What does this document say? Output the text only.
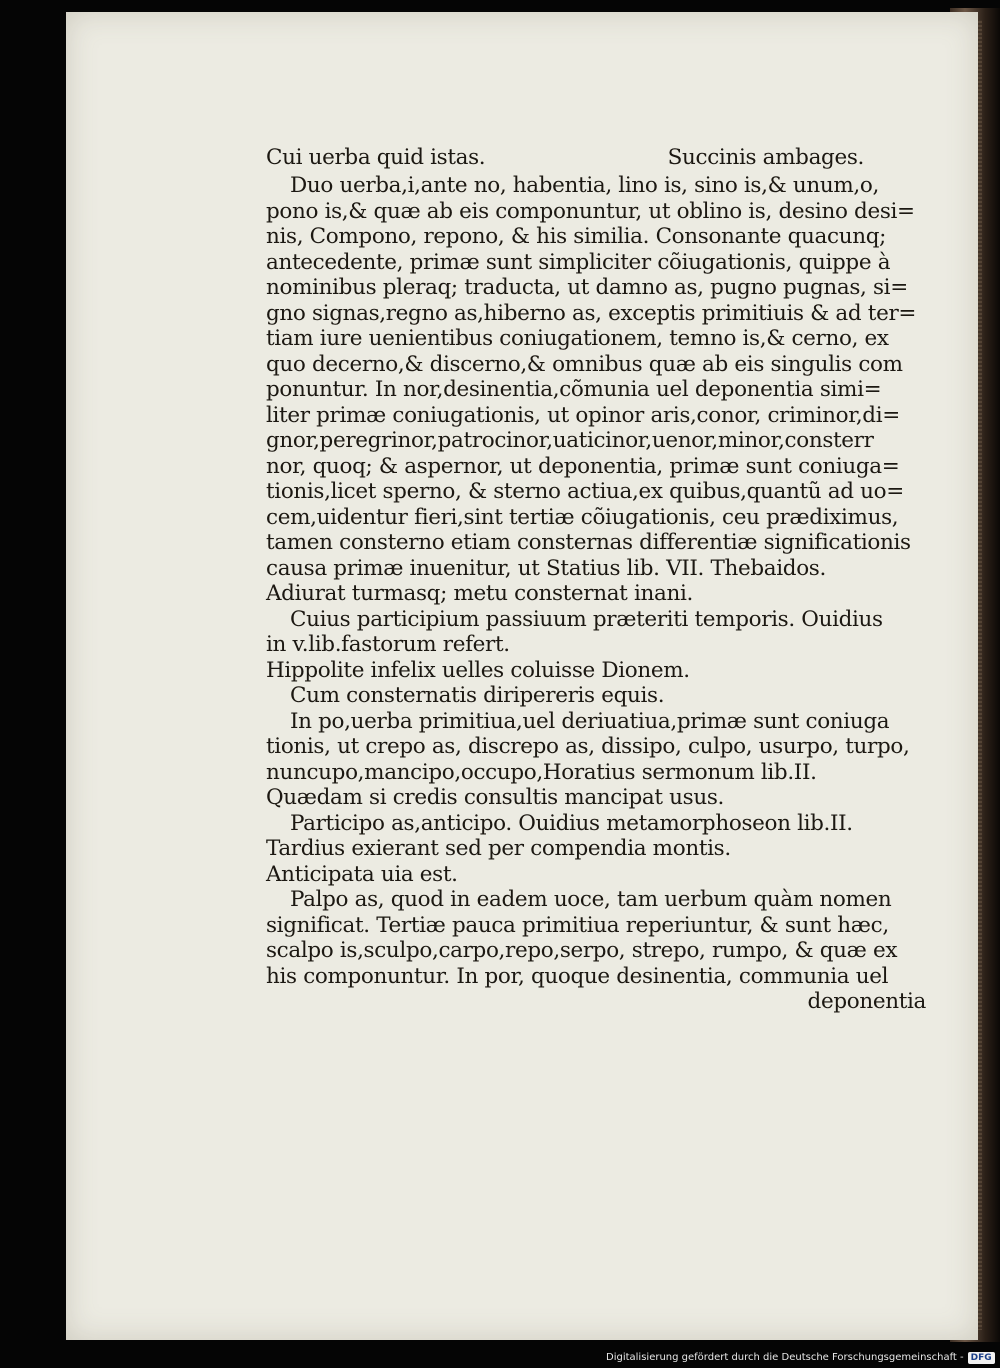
Cui uerba quid istas.	Succinis ambages.
Duo uerba,i,ante no, habentia, lino is, sino is,& unum,o,
pono is,& quæ ab eis componuntur, ut oblino is, desino desi=
nis, Compono, repono, & his similia. Consonante quacunq;
antecedente, primæ sunt simpliciter cõiugationis, quippe à
nominibus pleraq; traducta, ut damno as, pugno pugnas, si=
gno signas,regno as,hiberno as, exceptis primitiuis & ad ter=
tiam iure uenientibus coniugationem, temno is,& cerno, ex
quo decerno,& discerno,& omnibus quæ ab eis singulis com
ponuntur. In nor,desinentia,cõmunia uel deponentia simi=
liter primæ coniugationis, ut opinor aris,conor, criminor,di=
gnor,peregrinor,patrocinor,uaticinor,uenor,minor,consterr
nor, quoq; & aspernor, ut deponentia, primæ sunt coniuga=
tionis,licet sperno, & sterno actiua,ex quibus,quantũ ad uo=
cem,uidentur fieri,sint tertiæ cõiugationis, ceu prædiximus,
tamen consterno etiam consternas differentiæ significationis
causa primæ inuenitur, ut Statius lib. VII. Thebaidos.
Adiurat turmasq; metu consternat inani.
Cuius participium passiuum præteriti temporis. Ouidius
in v.lib.fastorum refert.
Hippolite infelix uelles coluisse Dionem.
Cum consternatis diripereris equis.
In po,uerba primitiua,uel deriuatiua,primæ sunt coniuga
tionis, ut crepo as, discrepo as, dissipo, culpo, usurpo, turpo,
nuncupo,mancipo,occupo,Horatius sermonum lib.II.
Quædam si credis consultis mancipat usus.
Participo as,anticipo. Ouidius metamorphoseon lib.II.
Tardius exierant sed per compendia montis.
Anticipata uia est.
Palpo as, quod in eadem uoce, tam uerbum quàm nomen
significat. Tertiæ pauca primitiua reperiuntur, & sunt hæc,
scalpo is,sculpo,carpo,repo,serpo, strepo, rumpo, & quæ ex
his componuntur. In por, quoque desinentia, communia uel
deponentia
Digitalisierung gefördert durch die Deutsche Forschungsgemeinschaft - DFG
